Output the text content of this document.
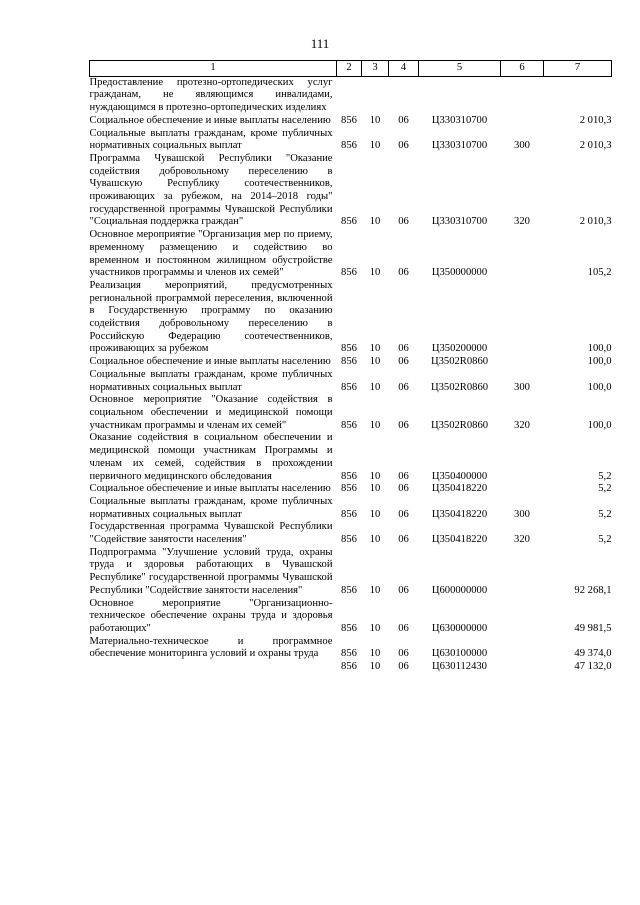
111
1	2	3	4	5	6	7
Предоставление протезно-ортопедических услуг гражданам, не являющимся инвалидами, нуждающимся в протезно-ортопедических изделиях						
Социальное обеспечение и иные выплаты населению	856	10	06	Ц330310700		2 010,3
Социальные выплаты гражданам, кроме публичных нормативных социальных выплат	856	10	06	Ц330310700	300	2 010,3
Программа Чувашской Республики "Оказание содействия добровольному переселению в Чувашскую Республику соотечественников, проживающих за рубежом, на 2014–2018 годы" государственной программы Чувашской Республики "Социальная поддержка граждан"	856	10	06	Ц330310700	320	2 010,3
Основное мероприятие "Организация мер по приему, временному размещению и содействию во временном и постоянном жилищном обустройстве участников программы и членов их семей"	856	10	06	Ц350000000		105,2
Реализация мероприятий, предусмотренных региональной программой переселения, включенной в Государственную программу по оказанию содействия добровольному переселению в Российскую Федерацию соотечественников, проживающих за рубежом	856	10	06	Ц350200000		100,0
Социальное обеспечение и иные выплаты населению	856	10	06	Ц3502R0860		100,0
Социальные выплаты гражданам, кроме публичных нормативных социальных выплат	856	10	06	Ц3502R0860	300	100,0
Основное мероприятие "Оказание содействия в социальном обеспечении и медицинской помощи участникам программы и членам их семей"	856	10	06	Ц3502R0860	320	100,0
Оказание содействия в социальном обеспечении и медицинской помощи участникам Программы и членам их семей, содействия в прохождении первичного медицинского обследования	856	10	06	Ц350400000		5,2
Социальное обеспечение и иные выплаты населению	856	10	06	Ц350418220		5,2
Социальные выплаты гражданам, кроме публичных нормативных социальных выплат	856	10	06	Ц350418220	300	5,2
Государственная программа Чувашской Республики "Содействие занятости населения"	856	10	06	Ц350418220	320	5,2
Подпрограмма "Улучшение условий труда, охраны труда и здоровья работающих в Чувашской Республике" государственной программы Чувашской Республики "Содействие занятости населения"	856	10	06	Ц600000000		92 268,1
Основное мероприятие "Организационно-техническое обеспечение охраны труда и здоровья работающих"	856	10	06	Ц630000000		49 981,5
Материально-техническое и программное обеспечение мониторинга условий и охраны труда	856	10	06	Ц630100000		49 374,0
	856	10	06	Ц630112430		47 132,0
